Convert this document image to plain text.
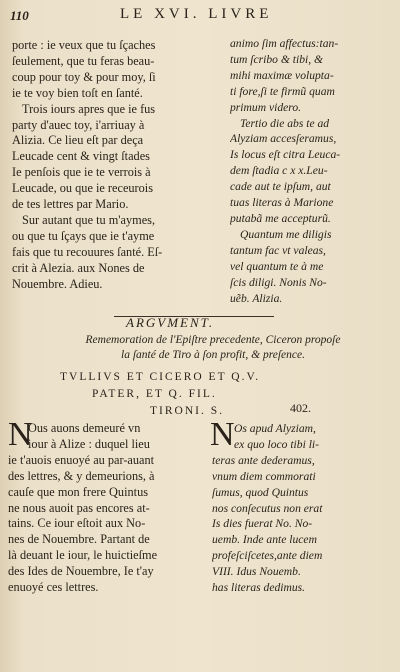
110	LE XVI. LIVRE
porte : ie veux que tu ſçaches
ſeulement, que tu feras beau-
coup pour toy & pour moy, ſi
ie te voy bien toſt en ſanté.
Trois iours apres que ie fus
party d'auec toy, i'arriuay à
Alizia. Ce lieu eſt par deça
Leucade cent & vingt ſtades
Ie penſois que ie te verrois à
Leucade, ou que ie receurois
de tes lettres par Mario.
Sur autant que tu m'aymes,
ou que tu ſçays que ie t'ayme
fais que tu recouures ſanté. Eſ-
crit à Alezia. aux Nones de
Nouembre. Adieu.
animo ſim affectus:tan-
tum ſcribo & tibi, &
mihi maximæ volupta-
ti fore,ſi te firmũ quam
primum videro.
Tertio die abs te ad
Alyziam accesſeramus,
Is locus eſt citra Leuca-
dem ſtadia c x x.Leu-
cade aut te ipſum, aut
tuas literas à Marione
putabã me accepturũ.
Quantum me diligis
tantum fac vt valeas,
vel quantum te à me
ſcis diligi. Nonis No-
uẽb. Alizia.
ARGVMENT.
Rememoration de l'Epiſtre precedente, Ciceron propoſe
la ſanté de Tiro à ſon profit, & preſence.
TVLLIVS ET CICERO ET Q.V.
PATER, ET Q. FIL.
TIRONI. S.	402.
N
Ous auons demeuré vn
iour à Alize : duquel lieu
ie t'auois enuoyé au par-auant
des lettres, & y demeurions, à
cauſe que mon frere Quintus
ne nous auoit pas encores at-
tains. Ce iour eſtoit aux No-
nes de Nouembre. Partant de
là deuant le iour, le huictieſme
des Ides de Nouembre, Ie t'ay
enuoyé ces lettres.
N Os apud Alyziam,
ex quo loco tibi li-
teras ante dederamus,
vnum diem commorati
ſumus, quod Quintus
nos conſecutus non erat
Is dies fuerat No. No-
uemb. Inde ante lucem
profeſciſcetes,ante diem
VIII. Idus Nouemb.
has literas dedimus.
